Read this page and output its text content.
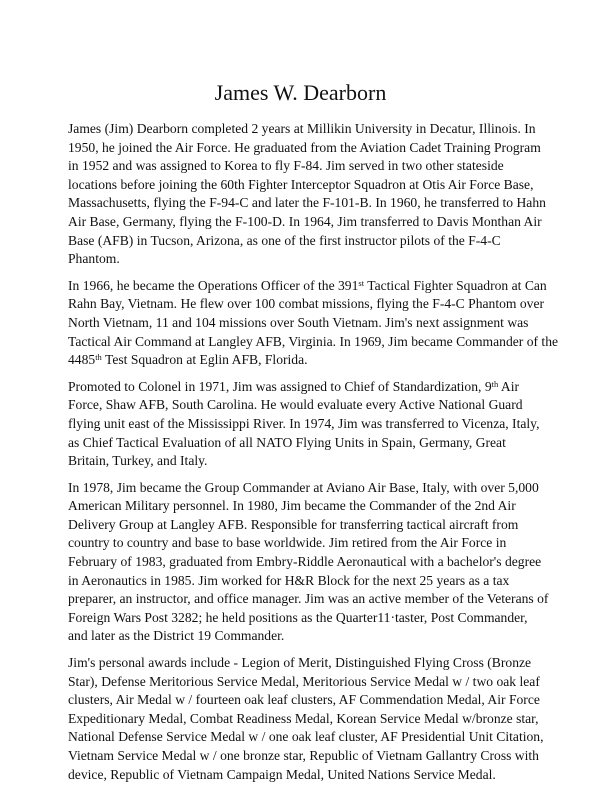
James W. Dearborn
James (Jim) Dearborn completed 2 years at Millikin University in Decatur, Illinois. In
1950, he joined the Air Force. He graduated from the Aviation Cadet Training Program
in 1952 and was assigned to Korea to fly F-84. Jim served in two other stateside
locations before joining the 60th Fighter Interceptor Squadron at Otis Air Force Base,
Massachusetts, flying the F-94-C and later the F-101-B. In 1960, he transferred to Hahn
Air Base, Germany, flying the F-100-D. In 1964, Jim transferred to Davis Monthan Air
Base (AFB) in Tucson, Arizona, as one of the first instructor pilots of the F-4-C
Phantom.
In 1966, he became the Operations Officer of the 391st Tactical Fighter Squadron at Can
Rahn Bay, Vietnam. He flew over 100 combat missions, flying the F-4-C Phantom over
North Vietnam, 11 and 104 missions over South Vietnam. Jim's next assignment was
Tactical Air Command at Langley AFB, Virginia. In 1969, Jim became Commander of the
4485th Test Squadron at Eglin AFB, Florida.
Promoted to Colonel in 1971, Jim was assigned to Chief of Standardization, 9th Air
Force, Shaw AFB, South Carolina. He would evaluate every Active National Guard
flying unit east of the Mississippi River. In 1974, Jim was transferred to Vicenza, Italy,
as Chief Tactical Evaluation of all NATO Flying Units in Spain, Germany, Great
Britain, Turkey, and Italy.
In 1978, Jim became the Group Commander at Aviano Air Base, Italy, with over 5,000
American Military personnel. In 1980, Jim became the Commander of the 2nd Air
Delivery Group at Langley AFB. Responsible for transferring tactical aircraft from
country to country and base to base worldwide. Jim retired from the Air Force in
February of 1983, graduated from Embry-Riddle Aeronautical with a bachelor's degree
in Aeronautics in 1985. Jim worked for H&R Block for the next 25 years as a tax
preparer, an instructor, and office manager. Jim was an active member of the Veterans of
Foreign Wars Post 3282; he held positions as the Quarter11·taster, Post Commander,
and later as the District 19 Commander.
Jim's personal awards include - Legion of Merit, Distinguished Flying Cross (Bronze
Star), Defense Meritorious Service Medal, Meritorious Service Medal w / two oak leaf
clusters, Air Medal w / fourteen oak leaf clusters, AF Commendation Medal, Air Force
Expeditionary Medal, Combat Readiness Medal, Korean Service Medal w/bronze star,
National Defense Service Medal w / one oak leaf cluster, AF Presidential Unit Citation,
Vietnam Service Medal w / one bronze star, Republic of Vietnam Gallantry Cross with
device, Republic of Vietnam Campaign Medal, United Nations Service Medal.
